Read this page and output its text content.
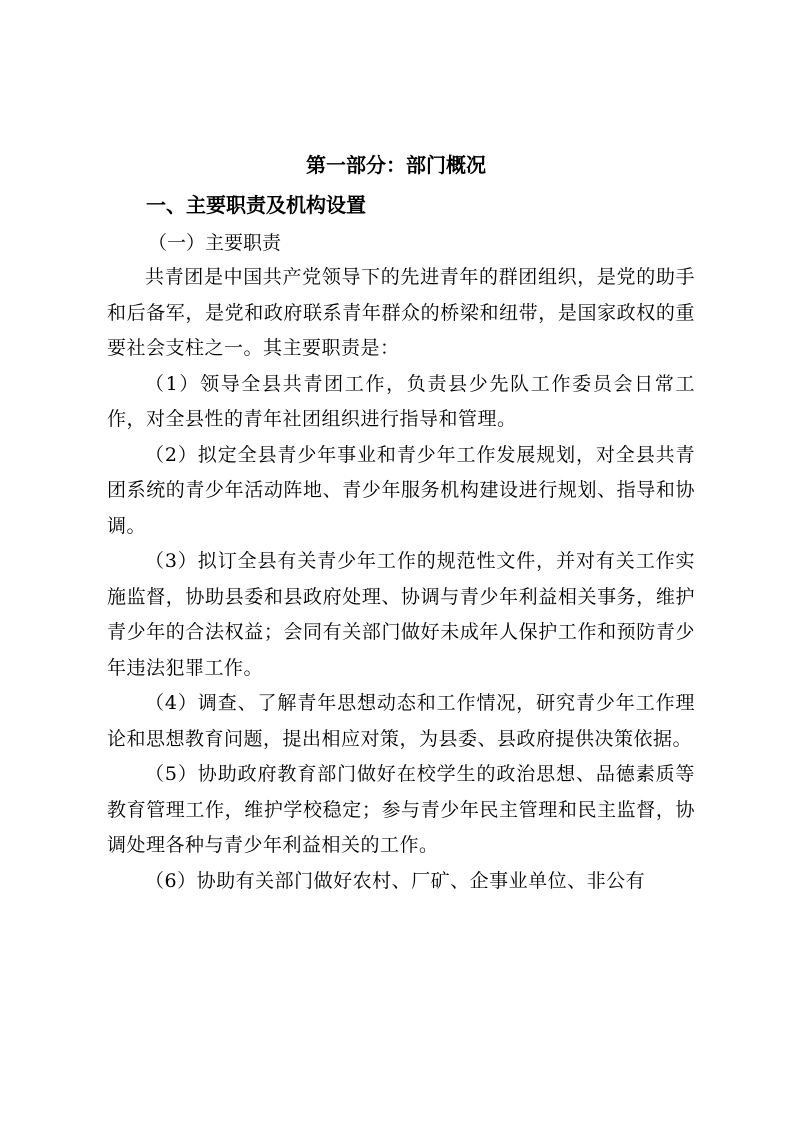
第一部分：部门概况
一、主要职责及机构设置
（一）主要职责

共青团是中国共产党领导下的先进青年的群团组织，是党的助手和后备军，是党和政府联系青年群众的桥梁和纽带，是国家政权的重要社会支柱之一。其主要职责是：

（1）领导全县共青团工作，负责县少先队工作委员会日常工作，对全县性的青年社团组织进行指导和管理。

（2）拟定全县青少年事业和青少年工作发展规划，对全县共青团系统的青少年活动阵地、青少年服务机构建设进行规划、指导和协调。

（3）拟订全县有关青少年工作的规范性文件，并对有关工作实施监督，协助县委和县政府处理、协调与青少年利益相关事务，维护青少年的合法权益；会同有关部门做好未成年人保护工作和预防青少年违法犯罪工作。

（4）调查、了解青年思想动态和工作情况，研究青少年工作理论和思想教育问题，提出相应对策，为县委、县政府提供决策依据。

（5）协助政府教育部门做好在校学生的政治思想、品德素质等教育管理工作，维护学校稳定；参与青少年民主管理和民主监督，协调处理各种与青少年利益相关的工作。

（6）协助有关部门做好农村、厂矿、企事业单位、非公有
